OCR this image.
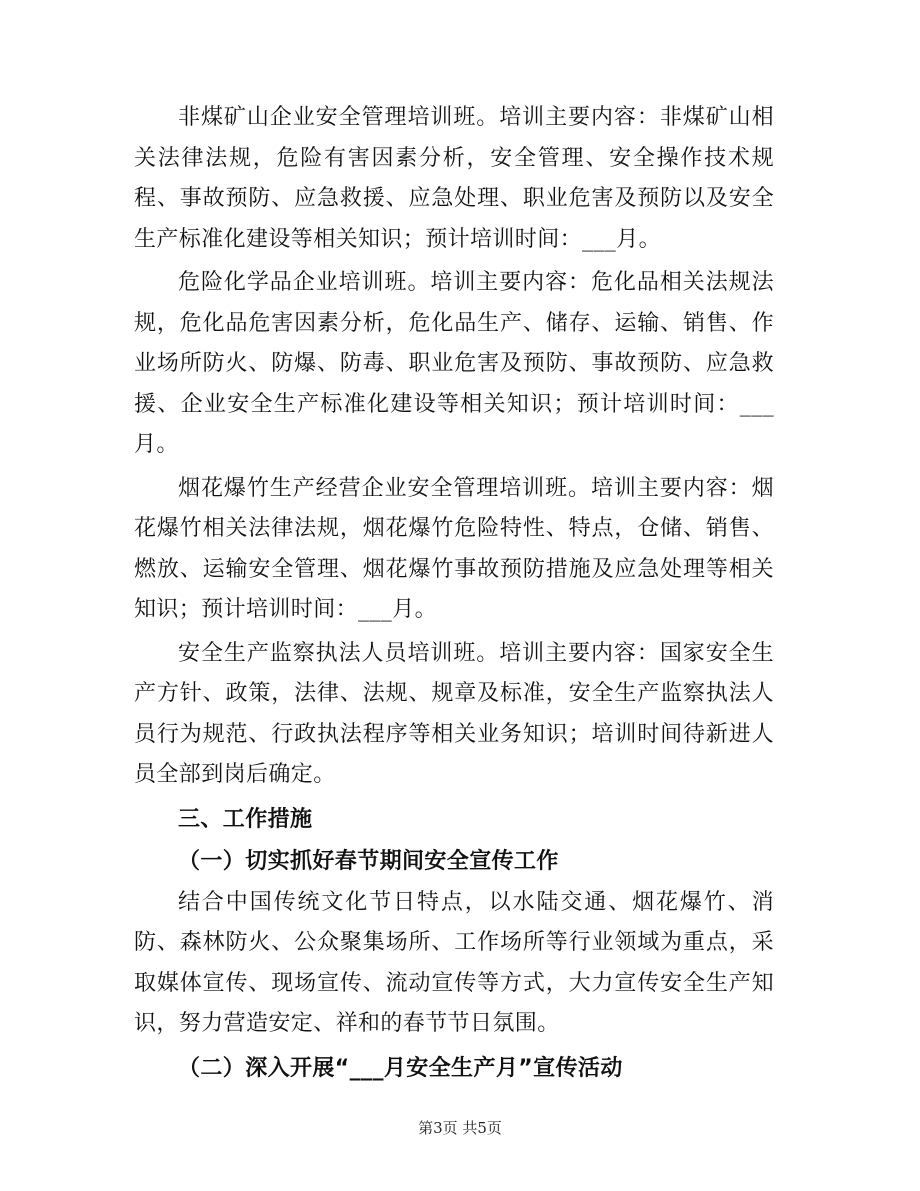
非煤矿山企业安全管理培训班。培训主要内容：非煤矿山相关法律法规，危险有害因素分析，安全管理、安全操作技术规程、事故预防、应急救援、应急处理、职业危害及预防以及安全生产标准化建设等相关知识；预计培训时间：___月。

危险化学品企业培训班。培训主要内容：危化品相关法规法规，危化品危害因素分析，危化品生产、储存、运输、销售、作业场所防火、防爆、防毒、职业危害及预防、事故预防、应急救援、企业安全生产标准化建设等相关知识；预计培训时间：___月。

烟花爆竹生产经营企业安全管理培训班。培训主要内容：烟花爆竹相关法律法规，烟花爆竹危险特性、特点，仓储、销售、燃放、运输安全管理、烟花爆竹事故预防措施及应急处理等相关知识；预计培训时间：___月。

安全生产监察执法人员培训班。培训主要内容：国家安全生产方针、政策，法律、法规、规章及标准，安全生产监察执法人员行为规范、行政执法程序等相关业务知识；培训时间待新进人员全部到岗后确定。

三、工作措施

（一）切实抓好春节期间安全宣传工作

结合中国传统文化节日特点，以水陆交通、烟花爆竹、消防、森林防火、公众聚集场所、工作场所等行业领域为重点，采取媒体宣传、现场宣传、流动宣传等方式，大力宣传安全生产知识，努力营造安定、祥和的春节节日氛围。

（二）深入开展“___月安全生产月”宣传活动

第3页 共5页
